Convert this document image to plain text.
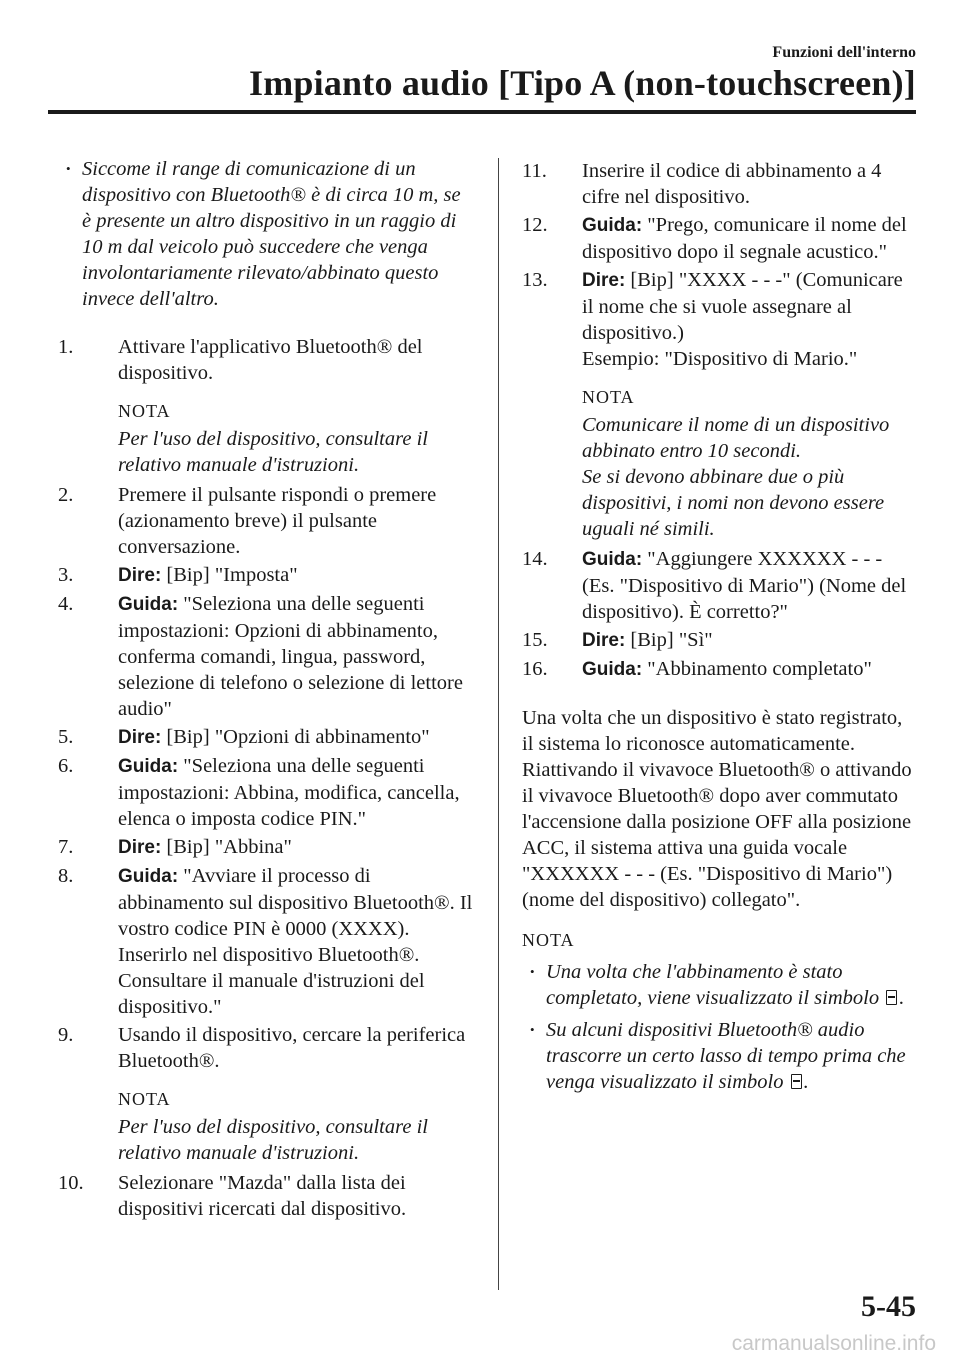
Funzioni dell'interno
Impianto audio [Tipo A (non-touchscreen)]
• Siccome il range di comunicazione di un dispositivo con Bluetooth® è di circa 10 m, se è presente un altro dispositivo in un raggio di 10 m dal veicolo può succedere che venga involontariamente rilevato/abbinato questo invece dell'altro.
1. Attivare l'applicativo Bluetooth® del dispositivo.
NOTA
Per l'uso del dispositivo, consultare il relativo manuale d'istruzioni.
2. Premere il pulsante rispondi o premere (azionamento breve) il pulsante conversazione.
3. Dire: [Bip] "Imposta"
4. Guida: "Seleziona una delle seguenti impostazioni: Opzioni di abbinamento, conferma comandi, lingua, password, selezione di telefono o selezione di lettore audio"
5. Dire: [Bip] "Opzioni di abbinamento"
6. Guida: "Seleziona una delle seguenti impostazioni: Abbina, modifica, cancella, elenca o imposta codice PIN."
7. Dire: [Bip] "Abbina"
8. Guida: "Avviare il processo di abbinamento sul dispositivo Bluetooth®. Il vostro codice PIN è 0000 (XXXX). Inserirlo nel dispositivo Bluetooth®. Consultare il manuale d'istruzioni del dispositivo."
9. Usando il dispositivo, cercare la periferica Bluetooth®.
NOTA
Per l'uso del dispositivo, consultare il relativo manuale d'istruzioni.
10. Selezionare "Mazda" dalla lista dei dispositivi ricercati dal dispositivo.
11. Inserire il codice di abbinamento a 4 cifre nel dispositivo.
12. Guida: "Prego, comunicare il nome del dispositivo dopo il segnale acustico."
13. Dire: [Bip] "XXXX - - -" (Comunicare il nome che si vuole assegnare al dispositivo.)
Esempio: "Dispositivo di Mario."
NOTA
Comunicare il nome di un dispositivo abbinato entro 10 secondi.
Se si devono abbinare due o più dispositivi, i nomi non devono essere uguali né simili.
14. Guida: "Aggiungere XXXXXX - - - (Es. "Dispositivo di Mario") (Nome del dispositivo). È corretto?"
15. Dire: [Bip] "Sì"
16. Guida: "Abbinamento completato"
Una volta che un dispositivo è stato registrato, il sistema lo riconosce automaticamente. Riattivando il vivavoce Bluetooth® o attivando il vivavoce Bluetooth® dopo aver commutato l'accensione dalla posizione OFF alla posizione ACC, il sistema attiva una guida vocale "XXXXXX - - - (Es. "Dispositivo di Mario") (nome del dispositivo) collegato".
NOTA
• Una volta che l'abbinamento è stato completato, viene visualizzato il simbolo .
• Su alcuni dispositivi Bluetooth® audio trascorre un certo lasso di tempo prima che venga visualizzato il simbolo .
5-45
carmanualsonline.info
